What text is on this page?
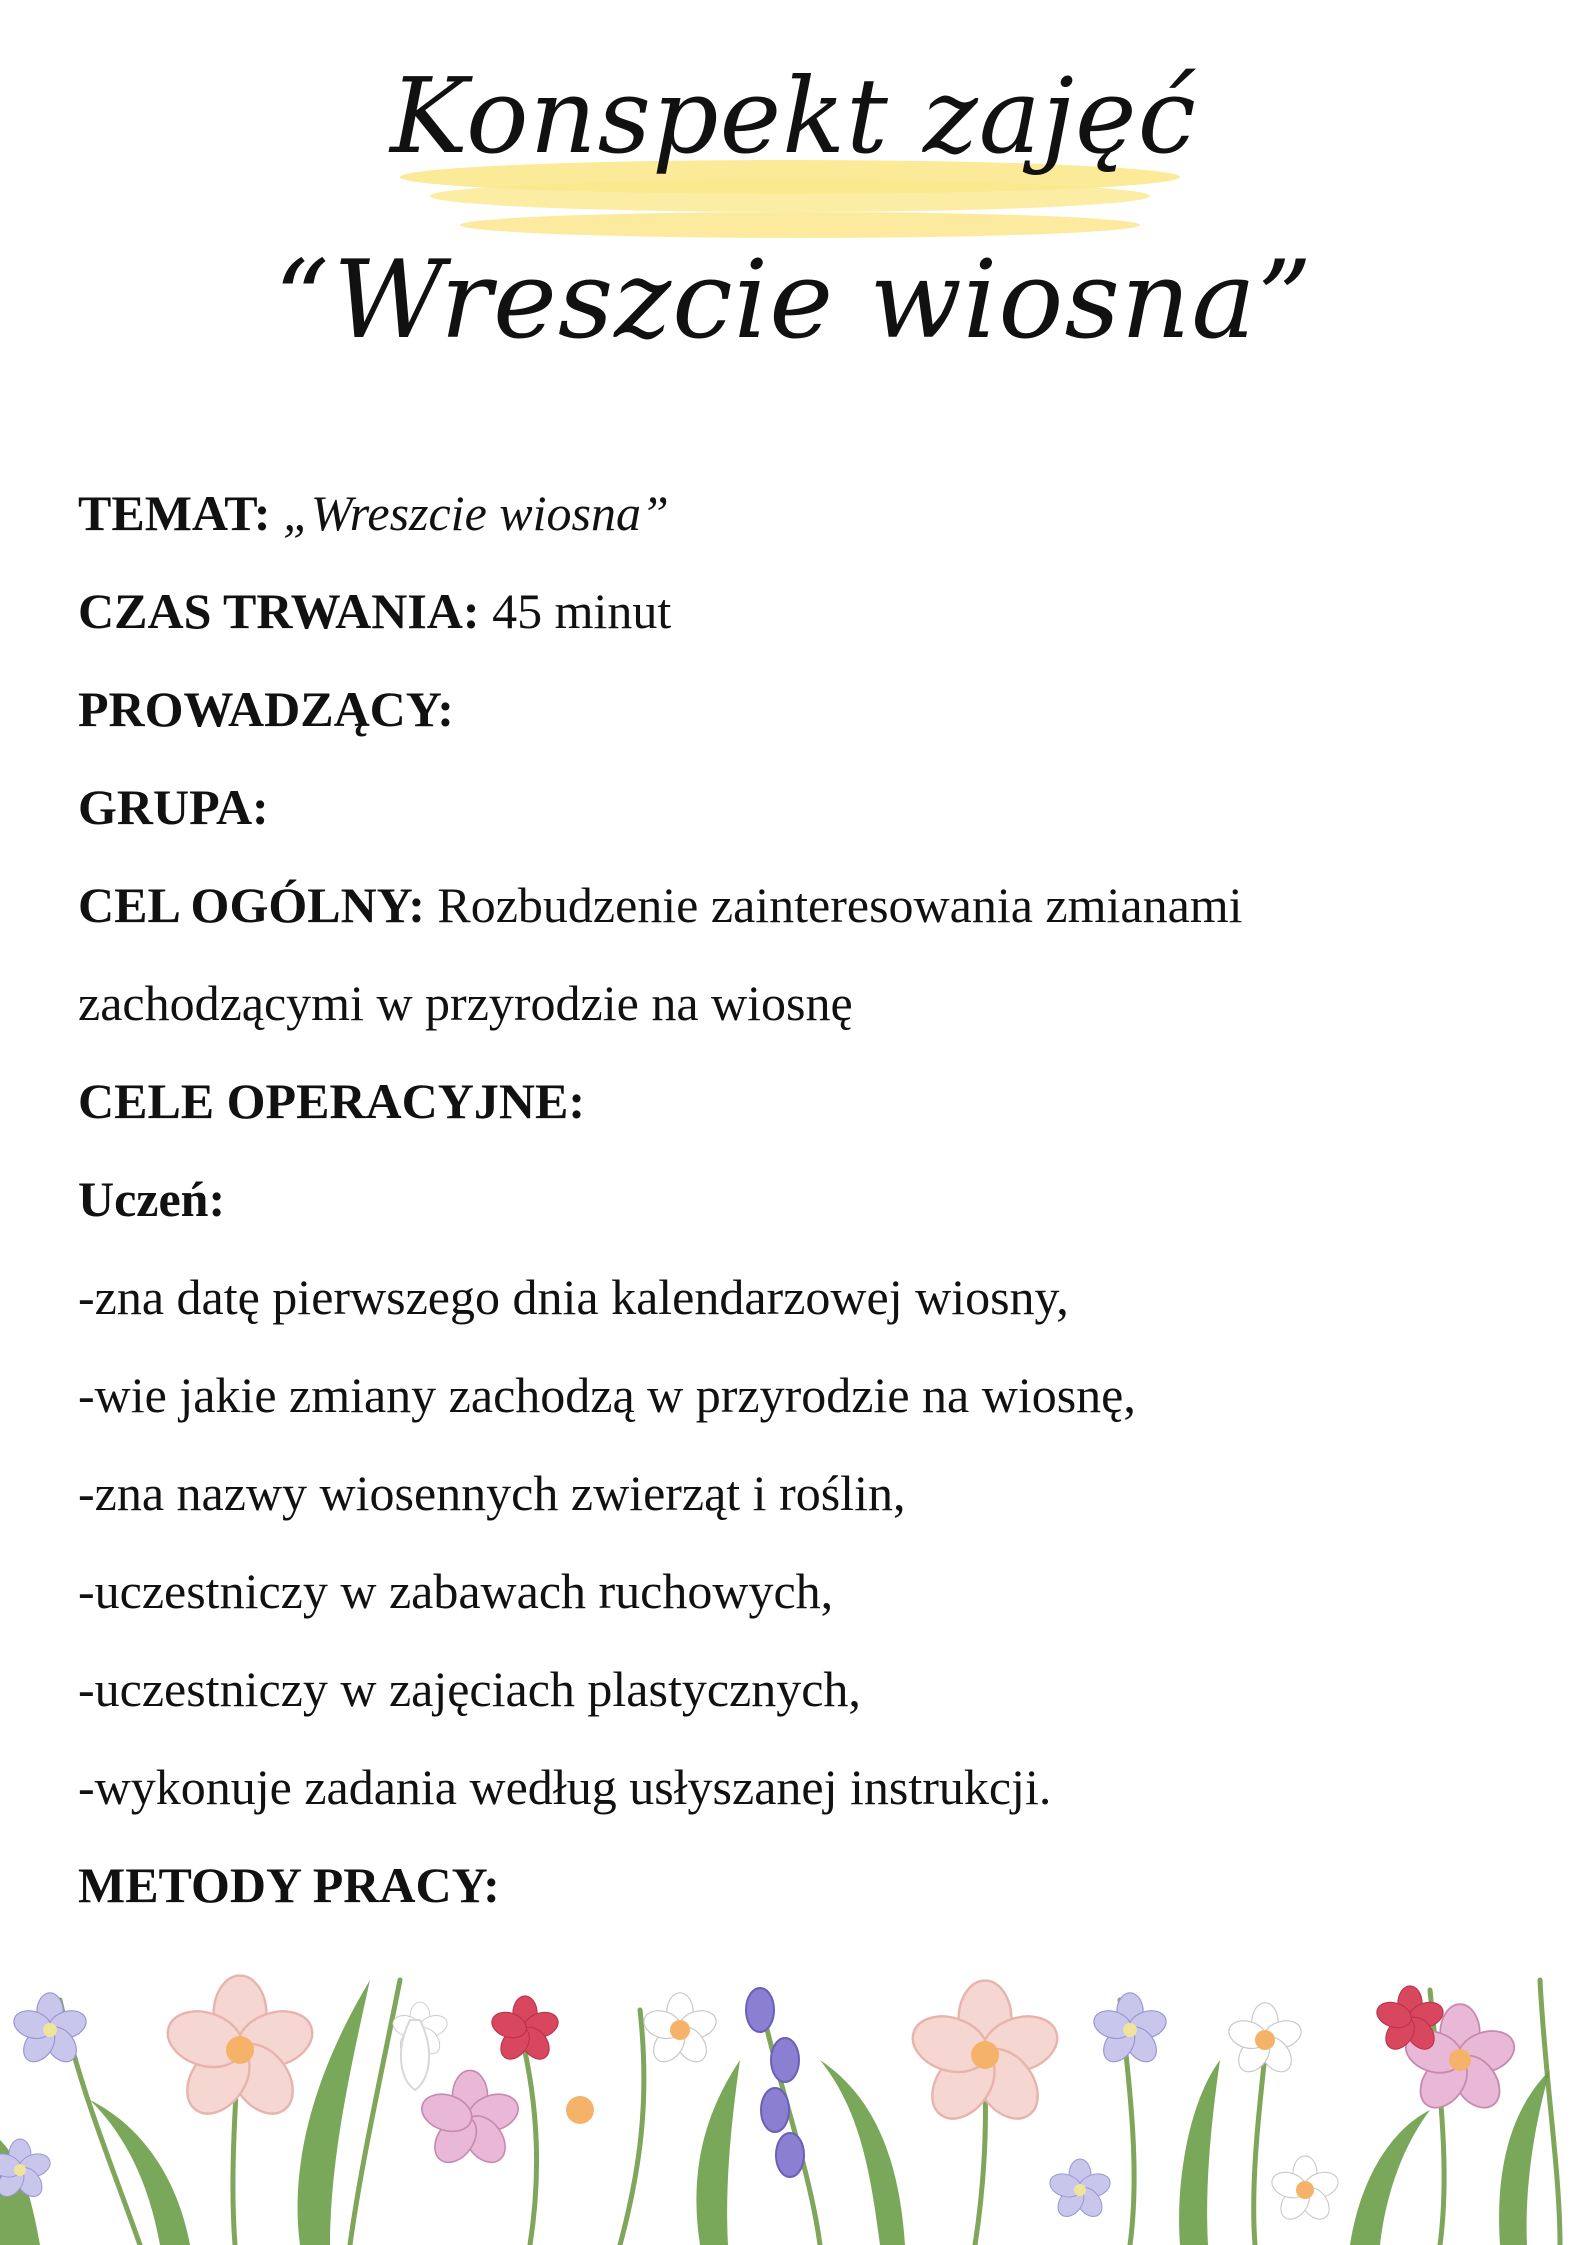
Konspekt zajęć
“Wreszcie wiosna”
TEMAT: „Wreszcie wiosna”
CZAS TRWANIA: 45 minut
PROWADZĄCY:
GRUPA:
CEL OGÓLNY: Rozbudzenie zainteresowania zmianami
zachodzącymi w przyrodzie na wiosnę
CELE OPERACYJNE:
Uczeń:
-zna datę pierwszego dnia kalendarzowej wiosny,
-wie jakie zmiany zachodzą w przyrodzie na wiosnę,
-zna nazwy wiosennych zwierząt i roślin,
-uczestniczy w zabawach ruchowych,
-uczestniczy w zajęciach plastycznych,
-wykonuje zadania według usłyszanej instrukcji.
METODY PRACY:
